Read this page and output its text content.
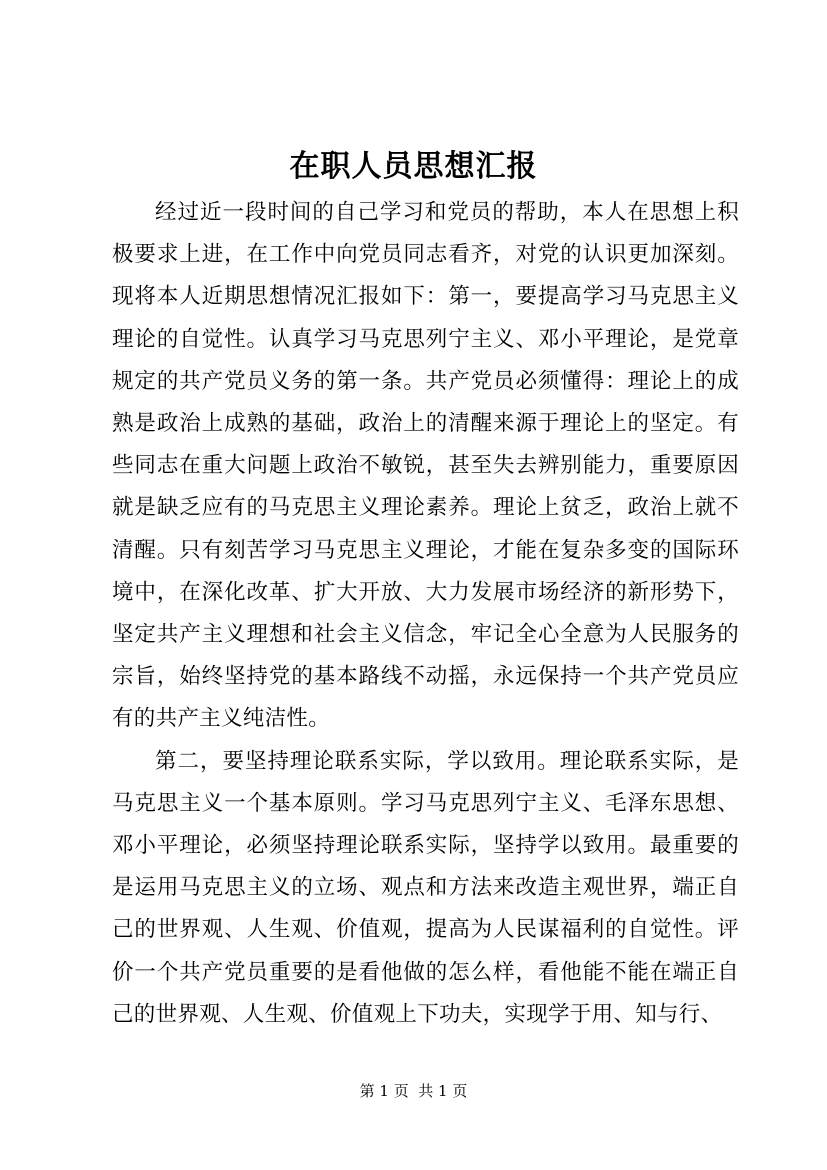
在职人员思想汇报

经过近一段时间的自己学习和党员的帮助，本人在思想上积极要求上进，在工作中向党员同志看齐，对党的认识更加深刻。现将本人近期思想情况汇报如下：第一，要提高学习马克思主义理论的自觉性。认真学习马克思列宁主义、邓小平理论，是党章规定的共产党员义务的第一条。共产党员必须懂得：理论上的成熟是政治上成熟的基础，政治上的清醒来源于理论上的坚定。有些同志在重大问题上政治不敏锐，甚至失去辨别能力，重要原因就是缺乏应有的马克思主义理论素养。理论上贫乏，政治上就不清醒。只有刻苦学习马克思主义理论，才能在复杂多变的国际环境中，在深化改革、扩大开放、大力发展市场经济的新形势下，坚定共产主义理想和社会主义信念，牢记全心全意为人民服务的宗旨，始终坚持党的基本路线不动摇，永远保持一个共产党员应有的共产主义纯洁性。

第二，要坚持理论联系实际，学以致用。理论联系实际，是马克思主义一个基本原则。学习马克思列宁主义、毛泽东思想、邓小平理论，必须坚持理论联系实际，坚持学以致用。最重要的是运用马克思主义的立场、观点和方法来改造主观世界，端正自己的世界观、人生观、价值观，提高为人民谋福利的自觉性。评价一个共产党员重要的是看他做的怎么样，看他能不能在端正自己的世界观、人生观、价值观上下功夫，实现学于用、知与行、

第 1 页  共 1 页
